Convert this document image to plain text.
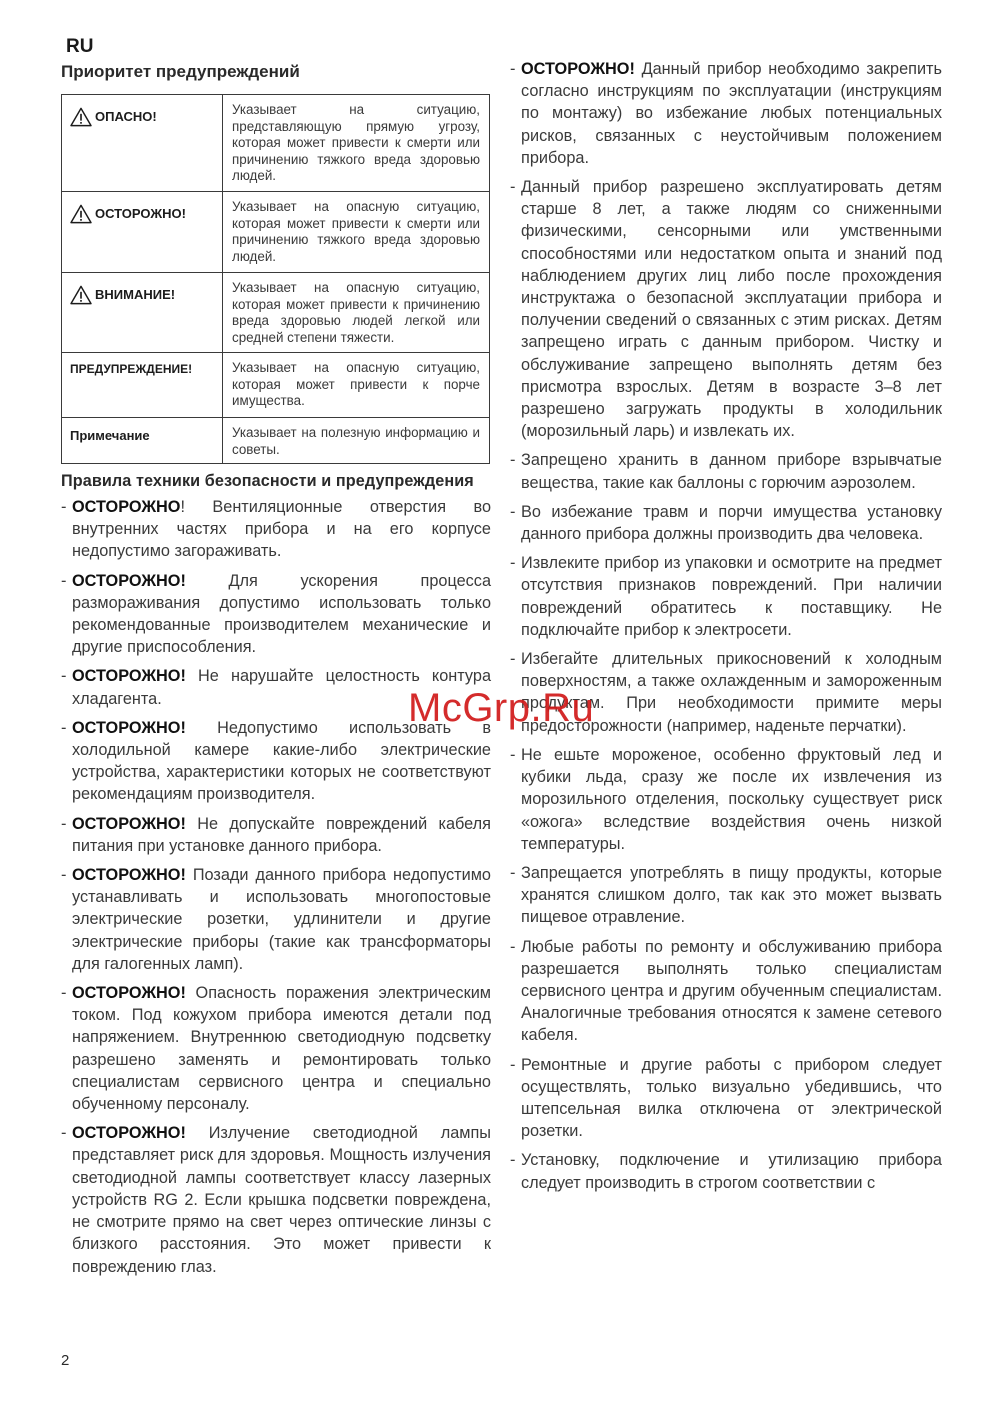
RU
Приоритет предупреждений
ОПАСНО!	Указывает на ситуацию, представляющую прямую угрозу, которая может привести к смерти или причинению тяжкого вреда здоровью людей.

ОСТОРОЖНО!	Указывает на опасную ситуацию, которая может привести к смерти или причинению тяжкого вреда здоровью людей.

ВНИМАНИЕ!	Указывает на опасную ситуацию, которая может привести к причинению вреда здоровью людей легкой или средней степени тяжести.

ПРЕДУПРЕЖДЕНИЕ!	Указывает на опасную ситуацию, которая может привести к порче имущества.

Примечание	Указывает на полезную информацию и советы.
Правила техники безопасности и предупреждения
- ОСТОРОЖНО! Вентиляционные отверстия во внутренних частях прибора и на его корпусе недопустимо загораживать.
- ОСТОРОЖНО! Для ускорения процесса размораживания допустимо использовать только рекомендованные производителем механические и другие приспособления.
- ОСТОРОЖНО! Не нарушайте целостность контура хладагента.
- ОСТОРОЖНО! Недопустимо использовать в холодильной камере какие-либо электрические устройства, характеристики которых не соответствуют рекомендациям производителя.
- ОСТОРОЖНО! Не допускайте повреждений кабеля питания при установке данного прибора.
- ОСТОРОЖНО! Позади данного прибора недопустимо устанавливать и использовать многопостовые электрические розетки, удлинители и другие электрические приборы (такие как трансформаторы для галогенных ламп).
- ОСТОРОЖНО! Опасность поражения электрическим током. Под кожухом прибора имеются детали под напряжением. Внутреннюю светодиодную подсветку разрешено заменять и ремонтировать только специалистам сервисного центра и специально обученному персоналу.
- ОСТОРОЖНО! Излучение светодиодной лампы представляет риск для здоровья. Мощность излучения светодиодной лампы соответствует классу лазерных устройств RG 2. Если крышка подсветки повреждена, не смотрите прямо на свет через оптические линзы с близкого расстояния. Это может привести к повреждению глаз.
- ОСТОРОЖНО! Данный прибор необходимо закрепить согласно инструкциям по эксплуатации (инструкциям по монтажу) во избежание любых потенциальных рисков, связанных с неустойчивым положением прибора.
- Данный прибор разрешено эксплуатировать детям старше 8 лет, а также людям со сниженными физическими, сенсорными или умственными способностями или недостатком опыта и знаний под наблюдением других лиц либо после прохождения инструктажа о безопасной эксплуатации прибора и получении сведений о связанных с этим рисках. Детям запрещено играть с данным прибором. Чистку и обслуживание запрещено выполнять детям без присмотра взрослых. Детям в возрасте 3–8 лет разрешено загружать продукты в холодильник (морозильный ларь) и извлекать их.
- Запрещено хранить в данном приборе взрывчатые вещества, такие как баллоны с горючим аэрозолем.
- Во избежание травм и порчи имущества установку данного прибора должны производить два человека.
- Извлеките прибор из упаковки и осмотрите на предмет отсутствия признаков повреждений. При наличии повреждений обратитесь к поставщику. Не подключайте прибор к электросети.
- Избегайте длительных прикосновений к холодным поверхностям, а также охлажденным и замороженным продуктам. При необходимости примите меры предосторожности (например, наденьте перчатки).
- Не ешьте мороженое, особенно фруктовый лед и кубики льда, сразу же после их извлечения из морозильного отделения, поскольку существует риск «ожога» вследствие воздействия очень низкой температуры.
- Запрещается употреблять в пищу продукты, которые хранятся слишком долго, так как это может вызвать пищевое отравление.
- Любые работы по ремонту и обслуживанию прибора разрешается выполнять только специалистам сервисного центра и другим обученным специалистам. Аналогичные требования относятся к замене сетевого кабеля.
- Ремонтные и другие работы с прибором следует осуществлять, только визуально убедившись, что штепсельная вилка отключена от электрической розетки.
- Установку, подключение и утилизацию прибора следует производить в строгом соответствии с
McGrp.Ru
2
